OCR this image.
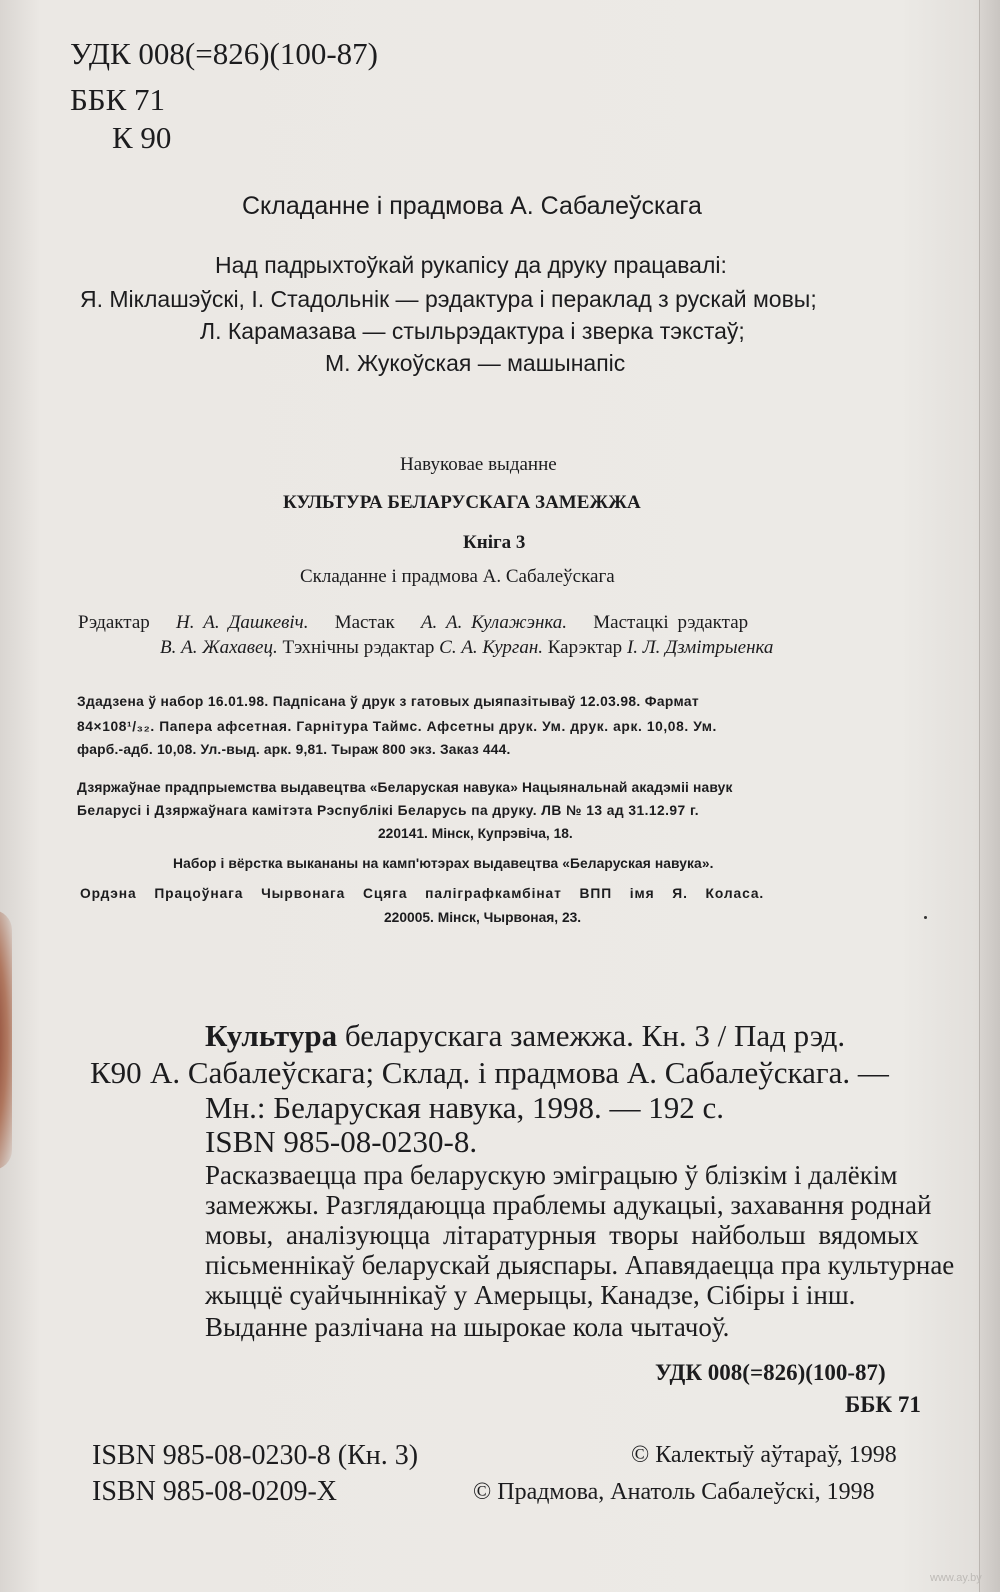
УДК 008(=826)(100-87)
ББК 71
К 90
Складанне і прадмова А. Сабалеўскага
Над падрыхтоўкай рукапісу да друку працавалі:
Я. Міклашэўскі, І. Стадольнік — рэдактура і пераклад з рускай мовы;
Л. Карамазава — стыльрэдактура і зверка тэкстаў;
М. Жукоўская — машынапіс
Навуковае выданне
КУЛЬТУРА БЕЛАРУСКАГА ЗАМЕЖЖА
Кніга 3
Складанне і прадмова А. Сабалеўскага
Рэдактар Н. А. Дашкевіч. Мастак А. А. Кулажэнка. Мастацкі рэдактар
В. А. Жахавец. Тэхнічны рэдактар С. А. Курган. Карэктар І. Л. Дзмітрыенка
Здадзена ў набор 16.01.98. Падпісана ў друк з гатовых дыяпазітываў 12.03.98. Фармат
84×108¹/₃₂. Папера афсетная. Гарнітура Таймс. Афсетны друк. Ум. друк. арк. 10,08. Ум.
фарб.-адб. 10,08. Ул.-выд. арк. 9,81. Тыраж 800 экз. Заказ 444.
Дзяржаўнае прадпрыемства выдавецтва «Беларуская навука» Нацыянальнай акадэміі навук
Беларусі і Дзяржаўнага камітэта Рэспублікі Беларусь па друку. ЛВ № 13 ад 31.12.97 г.
220141. Мінск, Купрэвіча, 18.
Набор і вёрстка выкананы на камп'ютэрах выдавецтва «Беларуская навука».
Ордэна Працоўнага Чырвонага Сцяга паліграфкамбінат ВПП імя Я. Коласа.
220005. Мінск, Чырвоная, 23.
Культура беларускага замежжа. Кн. 3 / Пад рэд.
К90 А. Сабалеўскага; Склад. і прадмова А. Сабалеўскага. —
Мн.: Беларуская навука, 1998. — 192 с.
ISBN 985-08-0230-8.
Расказваецца пра беларускую эміграцыю ў блізкім і далёкім
замежжы. Разглядаюцца праблемы адукацыі, захавання роднай
мовы, аналізуюцца літаратурныя творы найбольш вядомых
пісьменнікаў беларускай дыяспары. Апавядаецца пра культурнае
жыццё суайчыннікаў у Амерыцы, Канадзе, Сібіры і інш.
Выданне разлічана на шырокае кола чытачоў.
УДК 008(=826)(100-87)
ББК 71
ISBN 985-08-0230-8 (Кн. 3)
ISBN 985-08-0209-X
© Калектыў аўтараў, 1998
© Прадмова, Анатоль Сабалеўскі, 1998
www.ay.by
